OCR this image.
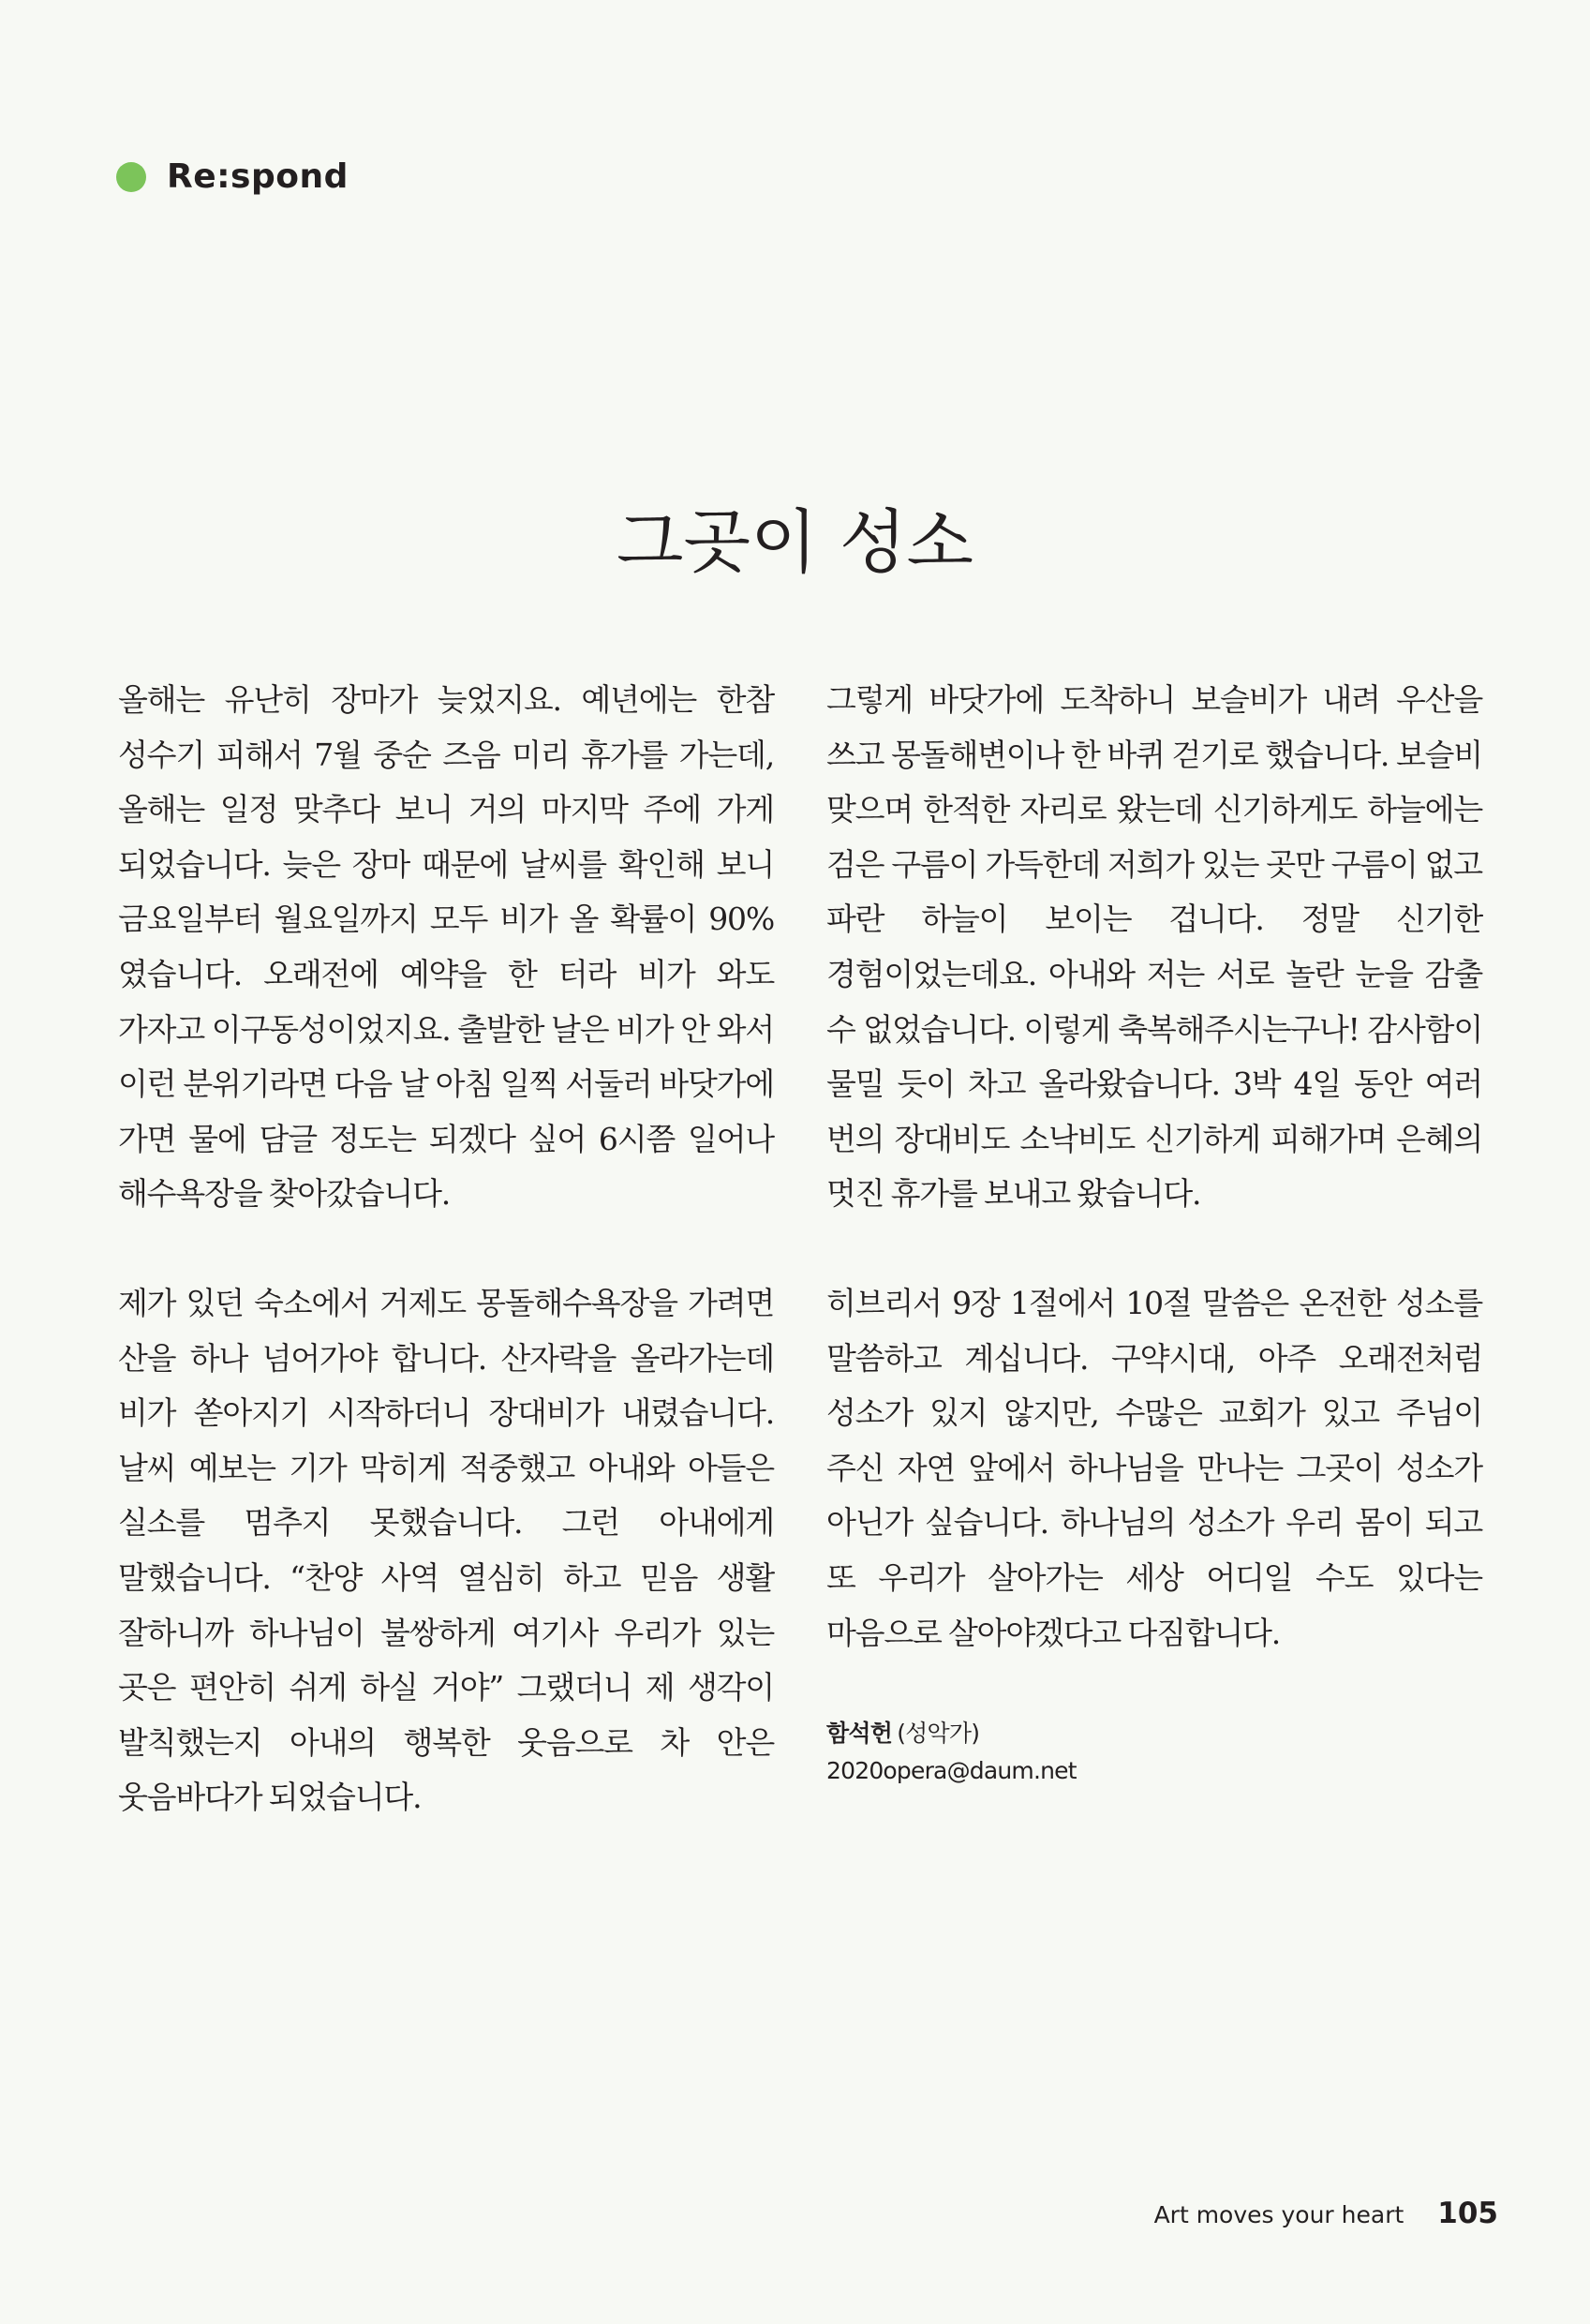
Re:spond
그곳이 성소

올해는 유난히 장마가 늦었지요. 예년에는 한참 성수기 피해서 7월 중순 즈음 미리 휴가를 가는데, 올해는 일정 맞추다 보니 거의 마지막 주에 가게 되었습니다. 늦은 장마 때문에 날씨를 확인해 보니 금요일부터 월요일까지 모두 비가 올 확률이 90%였습니다. 오래전에 예약을 한 터라 비가 와도 가자고 이구동성이었지요. 출발한 날은 비가 안 와서 이런 분위기라면 다음 날 아침 일찍 서둘러 바닷가에 가면 물에 담글 정도는 되겠다 싶어 6시쯤 일어나 해수욕장을 찾아갔습니다.

제가 있던 숙소에서 거제도 몽돌해수욕장을 가려면 산을 하나 넘어가야 합니다. 산자락을 올라가는데 비가 쏟아지기 시작하더니 장대비가 내렸습니다. 날씨 예보는 기가 막히게 적중했고 아내와 아들은 실소를 멈추지 못했습니다. 그런 아내에게 말했습니다. “찬양 사역 열심히 하고 믿음 생활 잘하니까 하나님이 불쌍하게 여기사 우리가 있는 곳은 편안히 쉬게 하실 거야” 그랬더니 제 생각이 발칙했는지 아내의 행복한 웃음으로 차 안은 웃음바다가 되었습니다.

그렇게 바닷가에 도착하니 보슬비가 내려 우산을 쓰고 몽돌해변이나 한 바퀴 걷기로 했습니다. 보슬비 맞으며 한적한 자리로 왔는데 신기하게도 하늘에는 검은 구름이 가득한데 저희가 있는 곳만 구름이 없고 파란 하늘이 보이는 겁니다. 정말 신기한 경험이었는데요. 아내와 저는 서로 놀란 눈을 감출 수 없었습니다. 이렇게 축복해주시는구나! 감사함이 물밀 듯이 차고 올라왔습니다. 3박 4일 동안 여러 번의 장대비도 소낙비도 신기하게 피해가며 은혜의 멋진 휴가를 보내고 왔습니다.

히브리서 9장 1절에서 10절 말씀은 온전한 성소를 말씀하고 계십니다. 구약시대, 아주 오래전처럼 성소가 있지 않지만, 수많은 교회가 있고 주님이 주신 자연 앞에서 하나님을 만나는 그곳이 성소가 아닌가 싶습니다. 하나님의 성소가 우리 몸이 되고 또 우리가 살아가는 세상 어디일 수도 있다는 마음으로 살아야겠다고 다짐합니다.

함석헌 (성악가)
2020opera@daum.net
Art moves your heart 105
